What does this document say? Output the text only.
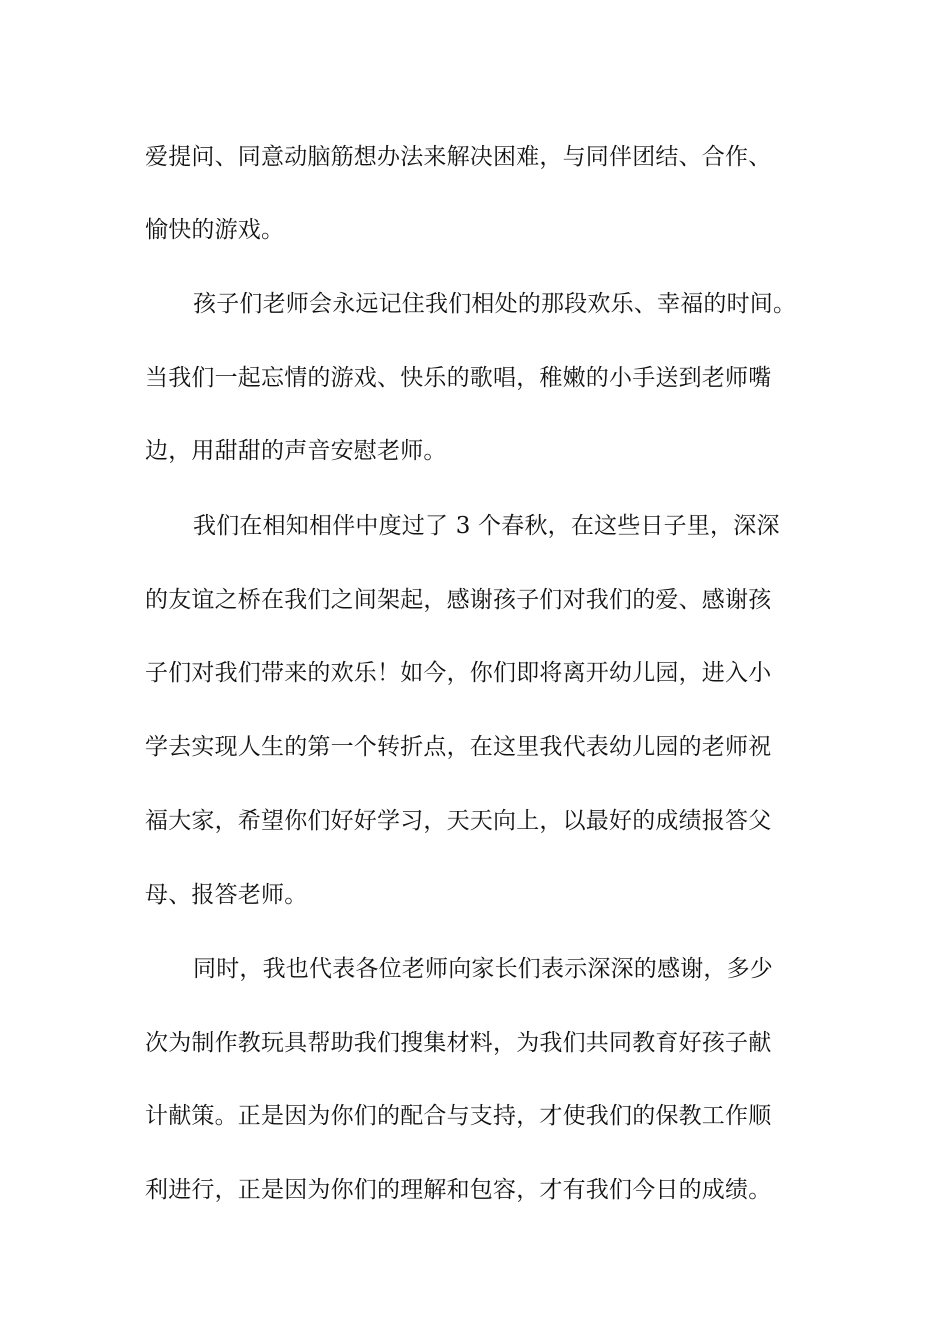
爱提问、同意动脑筋想办法来解决困难，与同伴团结、合作、
愉快的游戏。
孩子们老师会永远记住我们相处的那段欢乐、幸福的时间。
当我们一起忘情的游戏、快乐的歌唱，稚嫩的小手送到老师嘴
边，用甜甜的声音安慰老师。
我们在相知相伴中度过了 3 个春秋，在这些日子里，深深
的友谊之桥在我们之间架起，感谢孩子们对我们的爱、感谢孩
子们对我们带来的欢乐！如今，你们即将离开幼儿园，进入小
学去实现人生的第一个转折点，在这里我代表幼儿园的老师祝
福大家，希望你们好好学习，天天向上，以最好的成绩报答父
母、报答老师。
同时，我也代表各位老师向家长们表示深深的感谢，多少
次为制作教玩具帮助我们搜集材料，为我们共同教育好孩子献
计献策。正是因为你们的配合与支持，才使我们的保教工作顺
利进行，正是因为你们的理解和包容，才有我们今日的成绩。
